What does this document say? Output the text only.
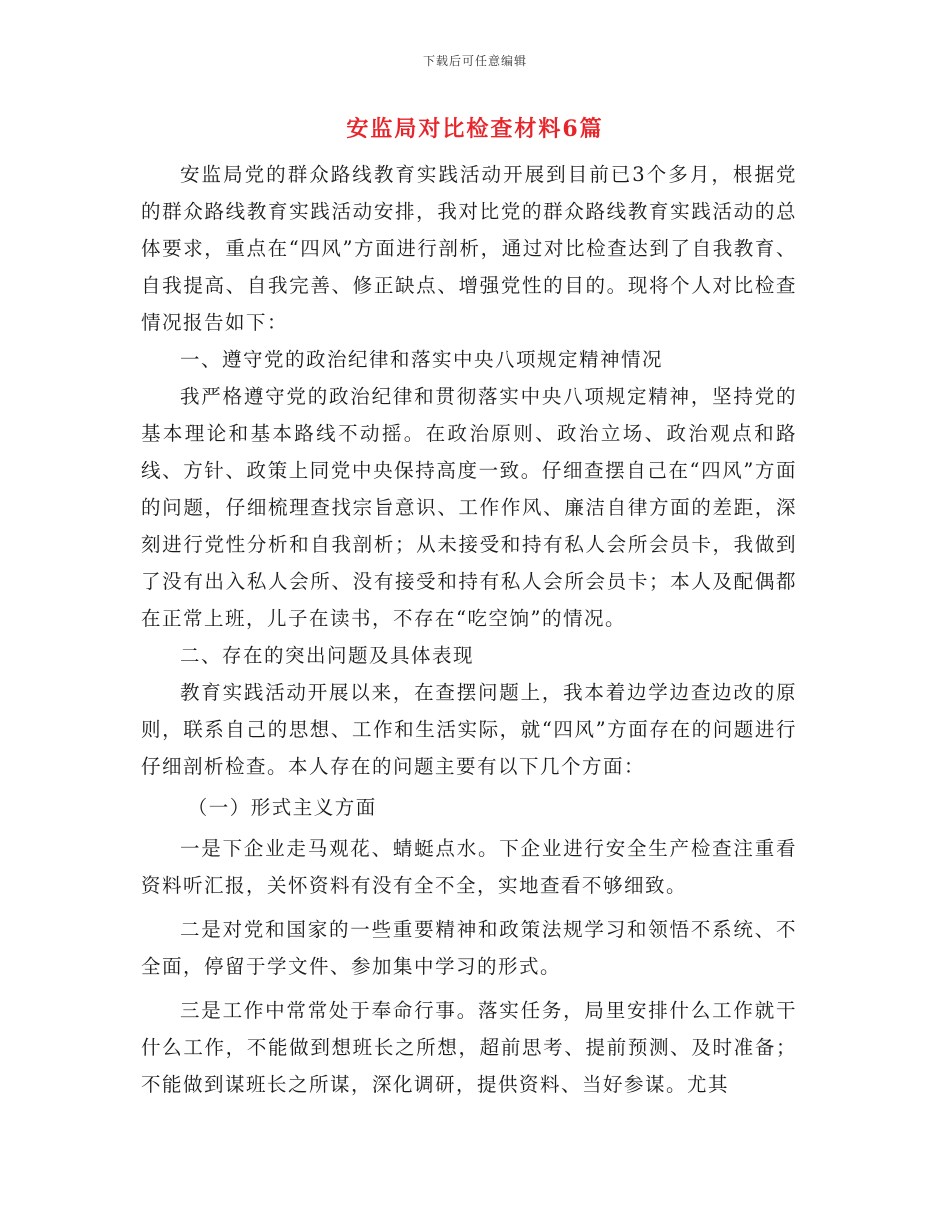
下载后可任意编辑
安监局对比检查材料6篇

安监局党的群众路线教育实践活动开展到目前已3个多月，根据党的群众路线教育实践活动安排，我对比党的群众路线教育实践活动的总体要求，重点在“四风”方面进行剖析，通过对比检查达到了自我教育、自我提高、自我完善、修正缺点、增强党性的目的。现将个人对比检查情况报告如下：

一、遵守党的政治纪律和落实中央八项规定精神情况

我严格遵守党的政治纪律和贯彻落实中央八项规定精神，坚持党的基本理论和基本路线不动摇。在政治原则、政治立场、政治观点和路线、方针、政策上同党中央保持高度一致。仔细查摆自己在“四风”方面的问题，仔细梳理查找宗旨意识、工作作风、廉洁自律方面的差距，深刻进行党性分析和自我剖析；从未接受和持有私人会所会员卡，我做到了没有出入私人会所、没有接受和持有私人会所会员卡；本人及配偶都在正常上班，儿子在读书，不存在“吃空饷”的情况。

二、存在的突出问题及具体表现

教育实践活动开展以来，在查摆问题上，我本着边学边查边改的原则，联系自己的思想、工作和生活实际，就“四风”方面存在的问题进行仔细剖析检查。本人存在的问题主要有以下几个方面：

（一）形式主义方面

一是下企业走马观花、蜻蜓点水。下企业进行安全生产检查注重看资料听汇报，关怀资料有没有全不全，实地查看不够细致。

二是对党和国家的一些重要精神和政策法规学习和领悟不系统、不全面，停留于学文件、参加集中学习的形式。

三是工作中常常处于奉命行事。落实任务，局里安排什么工作就干什么工作，不能做到想班长之所想，超前思考、提前预测、及时准备；不能做到谋班长之所谋，深化调研，提供资料、当好参谋。尤其
